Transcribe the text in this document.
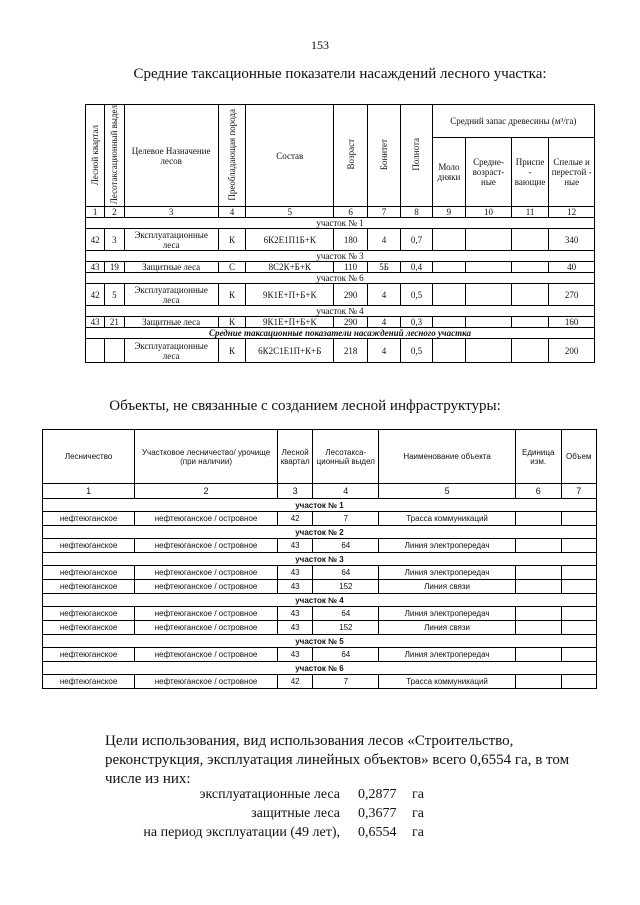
153
Средние таксационные показатели насаждений лесного участка:
Лесной квартал	Лесотаксационный выдел	Целевое Назначение лесов	Преобладающая порода	Состав	Возраст	Бонитет	Полнота	Средний запас древесины (м³/га)			
								Моло дняки	Средне- возраст- ные	Приспе - вающие	Спелые и перестой - ные
1	2	3	4	5	6	7	8	9	10	11	12
участок № 1											
42	3	Эксплуатационные леса	К	6К2Е1П1Б+К	180	4	0,7				340
участок № 3											
43	19	Защитные леса	С	8С2К+Б+К	110	5Б	0,4				40
участок № 6											
42	5	Эксплуатационные леса	К	9К1Е+П+Б+К	290	4	0,5				270
участок № 4											
43	21	Защитные леса	К	9К1Е+П+Б+К	290	4	0,3				160
Средние таксационные показатели насаждений лесного участка											
		Эксплуатационные леса	К	6К2С1Е1П+К+Б	218	4	0,5				200
Объекты, не связанные с созданием лесной инфраструктуры:
Лесничество	Участковое лесничество/ урочище (при наличии)	Лесной квартал	Лесотакса- ционный выдел	Наименование объекта	Единица изм.	Объем
1	2	3	4	5	6	7
участок № 1						
нефтеюганское	нефтеюганское / островное	42	7	Трасса коммуникаций		
участок № 2						
нефтеюганское	нефтеюганское / островное	43	64	Линия электропередач		
участок № 3						
нефтеюганское	нефтеюганское / островное	43	64	Линия электропередач		
нефтеюганское	нефтеюганское / островное	43	152	Линия связи		
участок № 4						
нефтеюганское	нефтеюганское / островное	43	64	Линия электропередач		
нефтеюганское	нефтеюганское / островное	43	152	Линия связи		
участок № 5						
нефтеюганское	нефтеюганское / островное	43	64	Линия электропередач		
участок № 6						
нефтеюганское	нефтеюганское / островное	42	7	Трасса коммуникаций		
Цели использования, вид использования лесов «Строительство, реконструкция, эксплуатация линейных объектов» всего 0,6554 га, в том числе из них:
эксплуатационные леса 0,2877 га
защитные леса 0,3677 га
на период эксплуатации (49 лет), 0,6554 га
